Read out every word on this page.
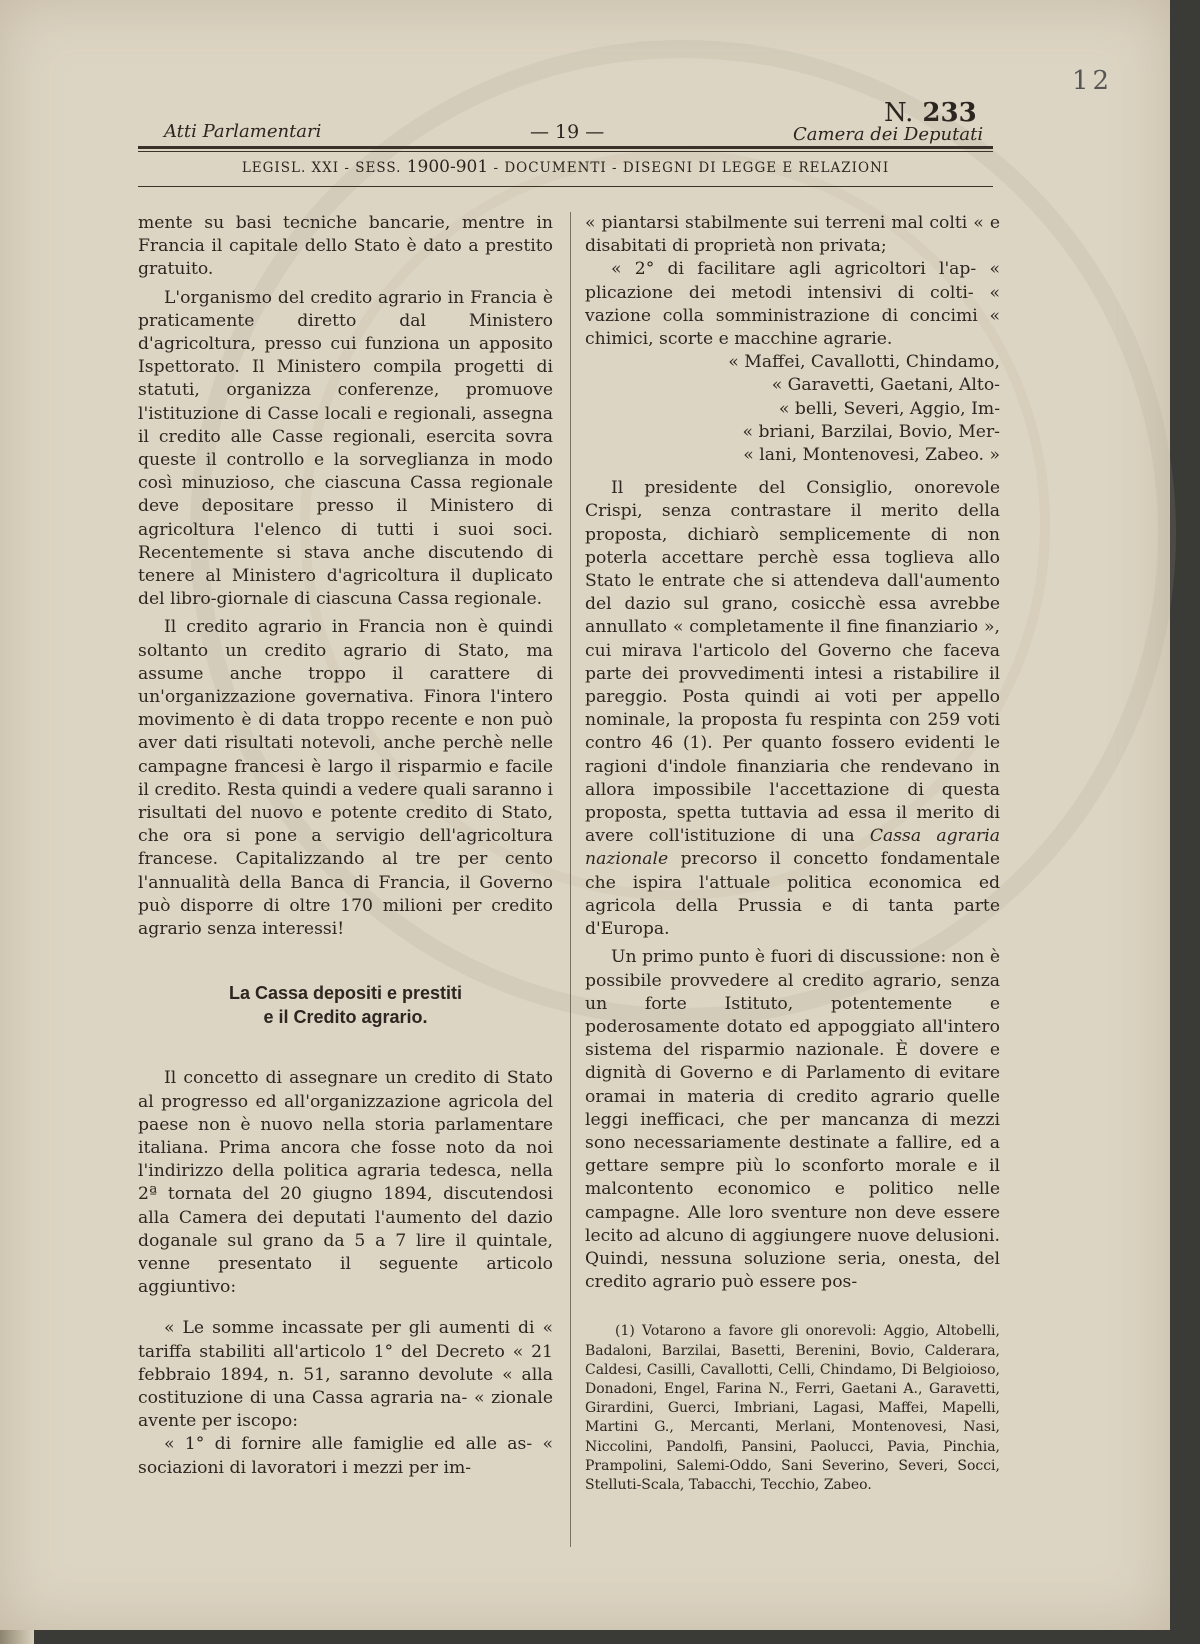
12
N. 233
Atti Parlamentari	— 19 —	Camera dei Deputati
LEGISL. XXI - SESS. 1900-901 - DOCUMENTI - DISEGNI DI LEGGE E RELAZIONI

mente su basi tecniche bancarie, mentre in Francia il capitale dello Stato è dato a prestito gratuito.

L'organismo del credito agrario in Francia è praticamente diretto dal Ministero d'agricoltura, presso cui funziona un apposito Ispettorato. Il Ministero compila progetti di statuti, organizza conferenze, promuove l'istituzione di Casse locali e regionali, assegna il credito alle Casse regionali, esercita sovra queste il controllo e la sorveglianza in modo così minuzioso, che ciascuna Cassa regionale deve depositare presso il Ministero di agricoltura l'elenco di tutti i suoi soci. Recentemente si stava anche discutendo di tenere al Ministero d'agricoltura il duplicato del libro-giornale di ciascuna Cassa regionale.

Il credito agrario in Francia non è quindi soltanto un credito agrario di Stato, ma assume anche troppo il carattere di un'organizzazione governativa. Finora l'intero movimento è di data troppo recente e non può aver dati risultati notevoli, anche perchè nelle campagne francesi è largo il risparmio e facile il credito. Resta quindi a vedere quali saranno i risultati del nuovo e potente credito di Stato, che ora si pone a servigio dell'agricoltura francese. Capitalizzando al tre per cento l'annualità della Banca di Francia, il Governo può disporre di oltre 170 milioni per credito agrario senza interessi!

La Cassa depositi e prestiti
e il Credito agrario.

Il concetto di assegnare un credito di Stato al progresso ed all'organizzazione agricola del paese non è nuovo nella storia parlamentare italiana. Prima ancora che fosse noto da noi l'indirizzo della politica agraria tedesca, nella 2ª tornata del 20 giugno 1894, discutendosi alla Camera dei deputati l'aumento del dazio doganale sul grano da 5 a 7 lire il quintale, venne presentato il seguente articolo aggiuntivo:

« Le somme incassate per gli aumenti di « tariffa stabiliti all'articolo 1° del Decreto « 21 febbraio 1894, n. 51, saranno devolute « alla costituzione di una Cassa agraria na- « zionale avente per iscopo:

« 1° di fornire alle famiglie ed alle as- « sociazioni di lavoratori i mezzi per im-

« piantarsi stabilmente sui terreni mal colti « e disabitati di proprietà non privata;

« 2° di facilitare agli agricoltori l'ap- « plicazione dei metodi intensivi di colti- « vazione colla somministrazione di concimi « chimici, scorte e macchine agrarie.

« Maffei, Cavallotti, Chindamo,

« Garavetti, Gaetani, Alto-

« belli, Severi, Aggio, Im-

« briani, Barzilai, Bovio, Mer-

« lani, Montenovesi, Zabeo. »

Il presidente del Consiglio, onorevole Crispi, senza contrastare il merito della proposta, dichiarò semplicemente di non poterla accettare perchè essa toglieva allo Stato le entrate che si attendeva dall'aumento del dazio sul grano, cosicchè essa avrebbe annullato « completamente il fine finanziario », cui mirava l'articolo del Governo che faceva parte dei provvedimenti intesi a ristabilire il pareggio. Posta quindi ai voti per appello nominale, la proposta fu respinta con 259 voti contro 46 (1). Per quanto fossero evidenti le ragioni d'indole finanziaria che rendevano in allora impossibile l'accettazione di questa proposta, spetta tuttavia ad essa il merito di avere coll'istituzione di una Cassa agraria nazionale precorso il concetto fondamentale che ispira l'attuale politica economica ed agricola della Prussia e di tanta parte d'Europa.

Un primo punto è fuori di discussione: non è possibile provvedere al credito agrario, senza un forte Istituto, potentemente e poderosamente dotato ed appoggiato all'intero sistema del risparmio nazionale. È dovere e dignità di Governo e di Parlamento di evitare oramai in materia di credito agrario quelle leggi inefficaci, che per mancanza di mezzi sono necessariamente destinate a fallire, ed a gettare sempre più lo sconforto morale e il malcontento economico e politico nelle campagne. Alle loro sventure non deve essere lecito ad alcuno di aggiungere nuove delusioni. Quindi, nessuna soluzione seria, onesta, del credito agrario può essere pos-

(1) Votarono a favore gli onorevoli: Aggio, Altobelli, Badaloni, Barzilai, Basetti, Berenini, Bovio, Calderara, Caldesi, Casilli, Cavallotti, Celli, Chindamo, Di Belgioioso, Donadoni, Engel, Farina N., Ferri, Gaetani A., Garavetti, Girardini, Guerci, Imbriani, Lagasi, Maffei, Mapelli, Martini G., Mercanti, Merlani, Montenovesi, Nasi, Niccolini, Pandolfi, Pansini, Paolucci, Pavia, Pinchia, Prampolini, Salemi-Oddo, Sani Severino, Severi, Socci, Stelluti-Scala, Tabacchi, Tecchio, Zabeo.
